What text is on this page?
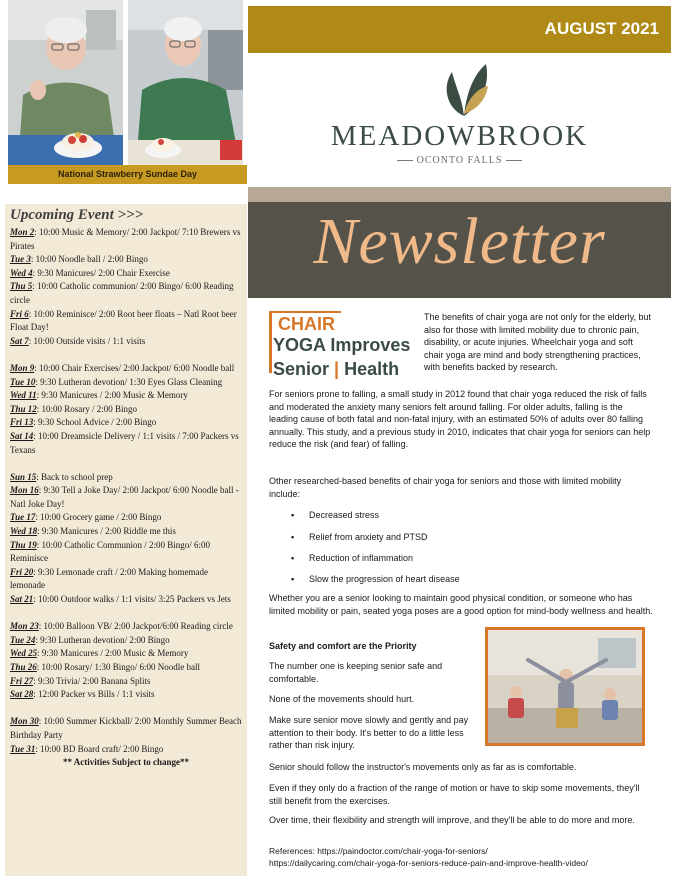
National Strawberry Sundae Day
AUGUST 2021
MEADOWBROOK
OCONTO FALLS
Newsletter
Upcoming Event >>>
Mon 2: 10:00 Music & Memory/ 2:00 Jackpot/ 7:10 Brewers vs Pirates
Tue 3: 10:00 Noodle ball / 2:00 Bingo
Wed 4: 9:30 Manicures/ 2:00 Chair Exercise
Thu 5: 10:00 Catholic communion/ 2:00 Bingo/ 6:00 Reading circle
Fri 6: 10:00 Reminisce/ 2:00 Root beer floats – Natl Root beer Float Day!
Sat 7: 10:00 Outside visits / 1:1 visits
Mon 9: 10:00 Chair Exercises/ 2:00 Jackpot/ 6:00 Noodle ball
Tue 10: 9:30 Lutheran devotion/ 1:30 Eyes Glass Cleaning
Wed 11: 9:30 Manicures / 2:00 Music & Memory
Thu 12: 10:00 Rosary / 2:00 Bingo
Fri 13: 9:30 School Advice / 2:00 Bingo
Sat 14: 10:00 Dreamsicle Delivery / 1:1 visits / 7:00 Packers vs Texans
Sun 15: Back to school prep
Mon 16: 9:30 Tell a Joke Day/ 2:00 Jackpot/ 6:00 Noodle ball - Natl Joke Day!
Tue 17: 10:00 Grocery game / 2:00 Bingo
Wed 18: 9:30 Manicures / 2:00 Riddle me this
Thu 19: 10:00 Catholic Communion / 2:00 Bingo/ 6:00 Reminisce
Fri 20: 9:30 Lemonade craft / 2:00 Making homemade lemonade
Sat 21: 10:00 Outdoor walks / 1:1 visits/ 3:25 Packers vs Jets
Mon 23: 10:00 Balloon VB/ 2:00 Jackpot/6:00 Reading circle
Tue 24: 9:30 Lutheran devotion/ 2:00 Bingo
Wed 25: 9:30 Manicures / 2:00 Music & Memory
Thu 26: 10:00 Rosary/ 1:30 Bingo/ 6:00 Noodle ball
Fri 27: 9:30 Trivia/ 2:00 Banana Splits
Sat 28: 12:00 Packer vs Bills / 1:1 visits
Mon 30: 10:00 Summer Kickball/ 2:00 Monthly Summer Beach Birthday Party
Tue 31: 10:00 BD Board craft/ 2:00 Bingo
** Activities Subject to change**
CHAIR
YOGA Improves
Senior | Health
The benefits of chair yoga are not only for the elderly, but also for those with limited mobility due to chronic pain, disability, or acute injuries. Wheelchair yoga and soft chair yoga are mind and body strengthening practices, with benefits backed by research.
For seniors prone to falling, a small study in 2012 found that chair yoga reduced the risk of falls and moderated the anxiety many seniors felt around falling. For older adults, falling is the leading cause of both fatal and non-fatal injury, with an estimated 50% of adults over 80 falling annually. This study, and a previous study in 2010, indicates that chair yoga for seniors can help reduce the risk (and fear) of falling.
Other researched-based benefits of chair yoga for seniors and those with limited mobility include:
• Decreased stress
• Relief from anxiety and PTSD
• Reduction of inflammation
• Slow the progression of heart disease
Whether you are a senior looking to maintain good physical condition, or someone who has limited mobility or pain, seated yoga poses are a good option for mind-body wellness and health.
Safety and comfort are the Priority
The number one is keeping senior safe and comfortable.
None of the movements should hurt.
Make sure senior move slowly and gently and pay attention to their body. It's better to do a little less rather than risk injury.
Senior should follow the instructor's movements only as far as is comfortable.
Even if they only do a fraction of the range of motion or have to skip some movements, they'll still benefit from the exercises.
Over time, their flexibility and strength will improve, and they'll be able to do more and more.
References: https://paindoctor.com/chair-yoga-for-seniors/
https://dailycaring.com/chair-yoga-for-seniors-reduce-pain-and-improve-health-video/
